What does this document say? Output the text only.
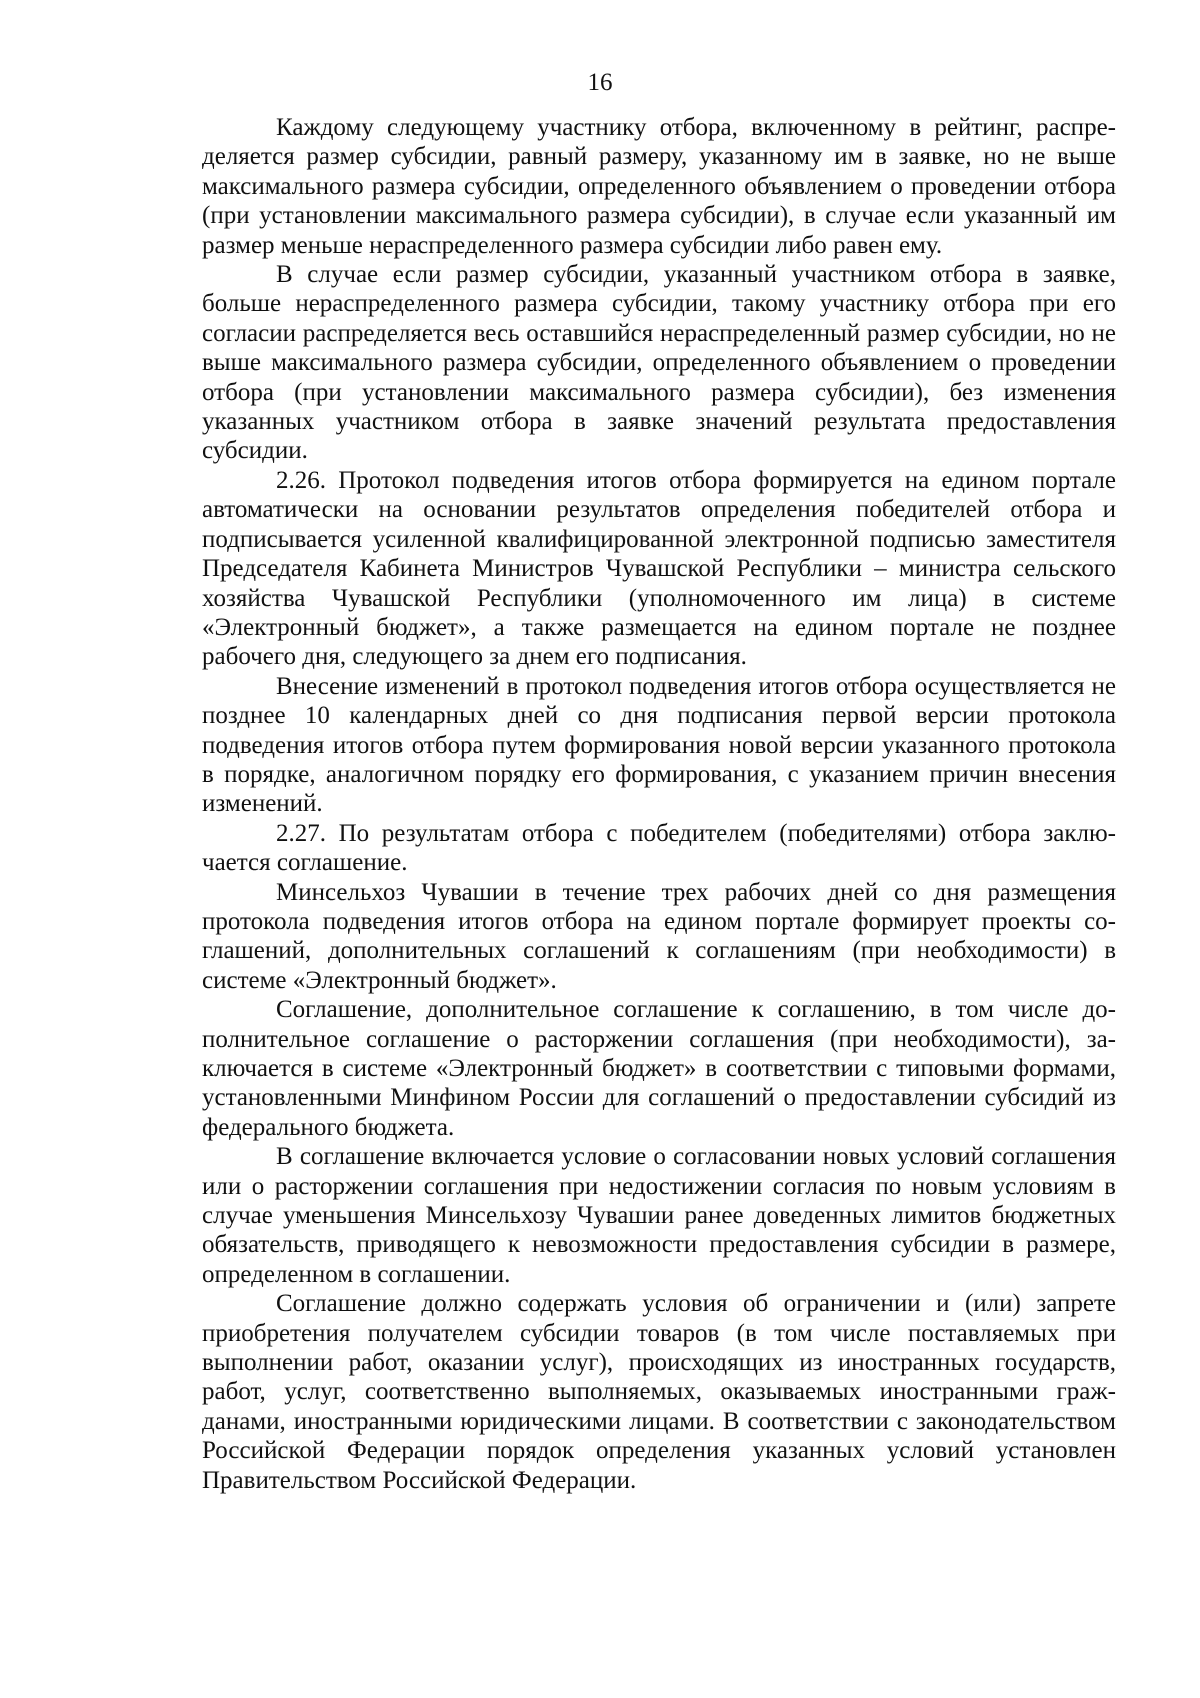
16

Каждому следующему участнику отбора, включенному в рейтинг, распределяется размер субсидии, равный размеру, указанному им в заявке, но не выше максимального размера субсидии, определенного объявлением о проведении отбора (при установлении максимального размера субсидии), в случае если указанный им размер меньше нераспределенного размера субсидии либо равен ему.

В случае если размер субсидии, указанный участником отбора в заявке, больше нераспределенного размера субсидии, такому участнику отбора при его согласии распределяется весь оставшийся нераспределенный размер субсидии, но не выше максимального размера субсидии, определенного объявлением о проведении отбора (при установлении максимального размера субсидии), без изменения указанных участником отбора в заявке значений результата предоставления субсидии.

2.26. Протокол подведения итогов отбора формируется на едином портале автоматически на основании результатов определения победителей отбора и подписывается усиленной квалифицированной электронной подписью заместителя Председателя Кабинета Министров Чувашской Республики – министра сельского хозяйства Чувашской Республики (уполномоченного им лица) в системе «Электронный бюджет», а также размещается на едином портале не позднее рабочего дня, следующего за днем его подписания.

Внесение изменений в протокол подведения итогов отбора осуществляется не позднее 10 календарных дней со дня подписания первой версии протокола подведения итогов отбора путем формирования новой версии указанного протокола в порядке, аналогичном порядку его формирования, с указанием причин внесения изменений.

2.27. По результатам отбора с победителем (победителями) отбора заключается соглашение.

Минсельхоз Чувашии в течение трех рабочих дней со дня размещения протокола подведения итогов отбора на едином портале формирует проекты соглашений, дополнительных соглашений к соглашениям (при необходимости) в системе «Электронный бюджет».

Соглашение, дополнительное соглашение к соглашению, в том числе дополнительное соглашение о расторжении соглашения (при необходимости), заключается в системе «Электронный бюджет» в соответствии с типовыми формами, установленными Минфином России для соглашений о предоставлении субсидий из федерального бюджета.

В соглашение включается условие о согласовании новых условий соглашения или о расторжении соглашения при недостижении согласия по новым условиям в случае уменьшения Минсельхозу Чувашии ранее доведенных лимитов бюджетных обязательств, приводящего к невозможности предоставления субсидии в размере, определенном в соглашении.

Соглашение должно содержать условия об ограничении и (или) запрете приобретения получателем субсидии товаров (в том числе поставляемых при выполнении работ, оказании услуг), происходящих из иностранных государств, работ, услуг, соответственно выполняемых, оказываемых иностранными гражданами, иностранными юридическими лицами. В соответствии с законодательством Российской Федерации порядок определения указанных условий установлен Правительством Российской Федерации.
